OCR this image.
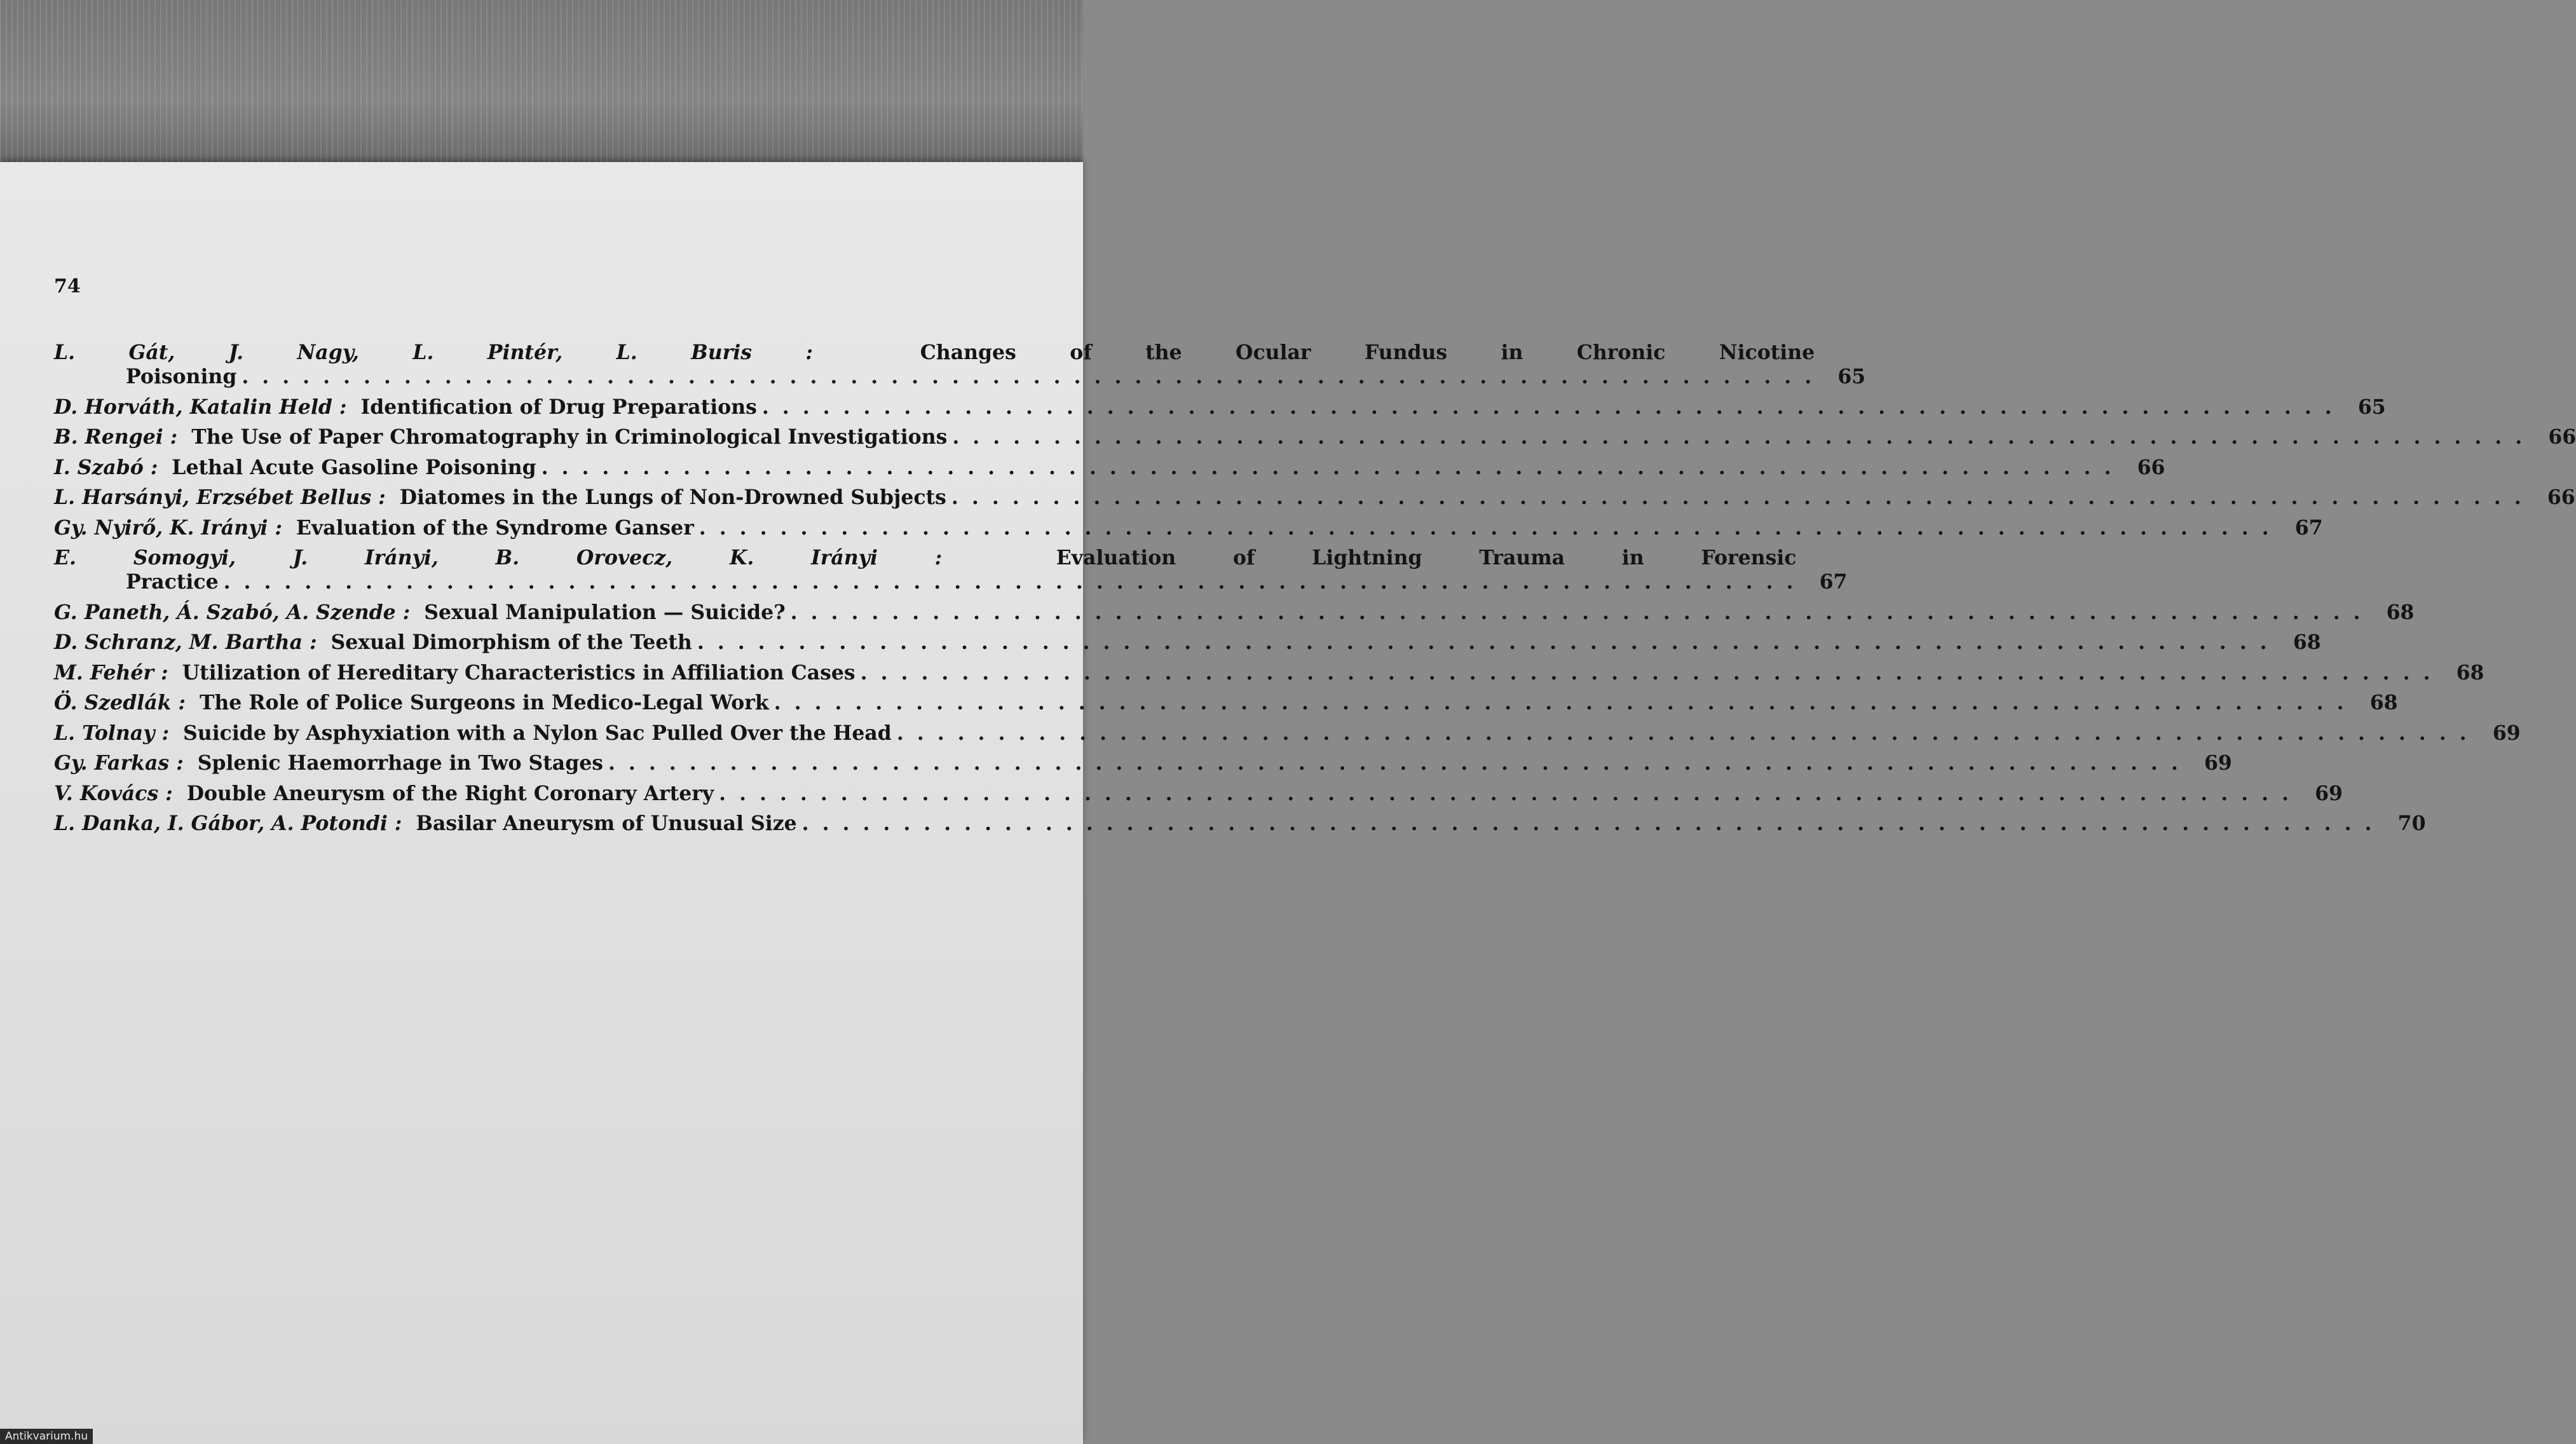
74
L. Gát, J. Nagy, L. Pintér, L. Buris :	Changes of the Ocular Fundus in Chronic Nicotine
Poisoning . . . . . . . . . . . . . . . . . . . . . . . . . . . . . . . . . . . . . . . . . . . . . . . . . . . . . . . . . . . . . . . . . . . . . . . . . . . . . .	65
D. Horváth, Katalin Held :
Identification of Drug Preparations . . . . . . . . . . . . . . . . . . . . . . . . . . . . . . . . . . . . . . . . . . . . . . . . . . . . . . . . . . . . . . . . . . . . . . . . . . . . . .	65
B. Rengei :
The Use of Paper Chromatography in Criminological Investigations . . . . . . . . . . . . . . . . . . . . . . . . . . . . . . . . . . . . . . . . . . . . . . . . . . . . . . . . . . . . . . . . . . . . . . . . . . . . . .	66
I. Szabó :
Lethal Acute Gasoline Poisoning . . . . . . . . . . . . . . . . . . . . . . . . . . . . . . . . . . . . . . . . . . . . . . . . . . . . . . . . . . . . . . . . . . . . . . . . . . . . . .	66
L. Harsányi, Erzsébet Bellus :
Diatomes in the Lungs of Non-Drowned Subjects . . . . . . . . . . . . . . . . . . . . . . . . . . . . . . . . . . . . . . . . . . . . . . . . . . . . . . . . . . . . . . . . . . . . . . . . . . . . . .	66
Gy. Nyirő, K. Irányi :
Evaluation of the Syndrome Ganser . . . . . . . . . . . . . . . . . . . . . . . . . . . . . . . . . . . . . . . . . . . . . . . . . . . . . . . . . . . . . . . . . . . . . . . . . . . . . .	67
E. Somogyi, J. Irányi, B. Orovecz, K. Irányi :	Evaluation of Lightning Trauma in Forensic
Practice . . . . . . . . . . . . . . . . . . . . . . . . . . . . . . . . . . . . . . . . . . . . . . . . . . . . . . . . . . . . . . . . . . . . . . . . . . . . . .	67
G. Paneth, Á. Szabó, A. Szende :
Sexual Manipulation — Suicide? . . . . . . . . . . . . . . . . . . . . . . . . . . . . . . . . . . . . . . . . . . . . . . . . . . . . . . . . . . . . . . . . . . . . . . . . . . . . . .	68
D. Schranz, M. Bartha :
Sexual Dimorphism of the Teeth . . . . . . . . . . . . . . . . . . . . . . . . . . . . . . . . . . . . . . . . . . . . . . . . . . . . . . . . . . . . . . . . . . . . . . . . . . . . . .	68
M. Fehér :
Utilization of Hereditary Characteristics in Affiliation Cases . . . . . . . . . . . . . . . . . . . . . . . . . . . . . . . . . . . . . . . . . . . . . . . . . . . . . . . . . . . . . . . . . . . . . . . . . . . . . .	68
Ö. Szedlák :
The Role of Police Surgeons in Medico-Legal Work . . . . . . . . . . . . . . . . . . . . . . . . . . . . . . . . . . . . . . . . . . . . . . . . . . . . . . . . . . . . . . . . . . . . . . . . . . . . . .	68
L. Tolnay :
Suicide by Asphyxiation with a Nylon Sac Pulled Over the Head . . . . . . . . . . . . . . . . . . . . . . . . . . . . . . . . . . . . . . . . . . . . . . . . . . . . . . . . . . . . . . . . . . . . . . . . . . . . . .	69
Gy. Farkas :
Splenic Haemorrhage in Two Stages . . . . . . . . . . . . . . . . . . . . . . . . . . . . . . . . . . . . . . . . . . . . . . . . . . . . . . . . . . . . . . . . . . . . . . . . . . . . . .	69
V. Kovács :
Double Aneurysm of the Right Coronary Artery . . . . . . . . . . . . . . . . . . . . . . . . . . . . . . . . . . . . . . . . . . . . . . . . . . . . . . . . . . . . . . . . . . . . . . . . . . . . . .	69
L. Danka, I. Gábor, A. Potondi :
Basilar Aneurysm of Unusual Size . . . . . . . . . . . . . . . . . . . . . . . . . . . . . . . . . . . . . . . . . . . . . . . . . . . . . . . . . . . . . . . . . . . . . . . . . . . . . .	70
Antikvarium.hu
